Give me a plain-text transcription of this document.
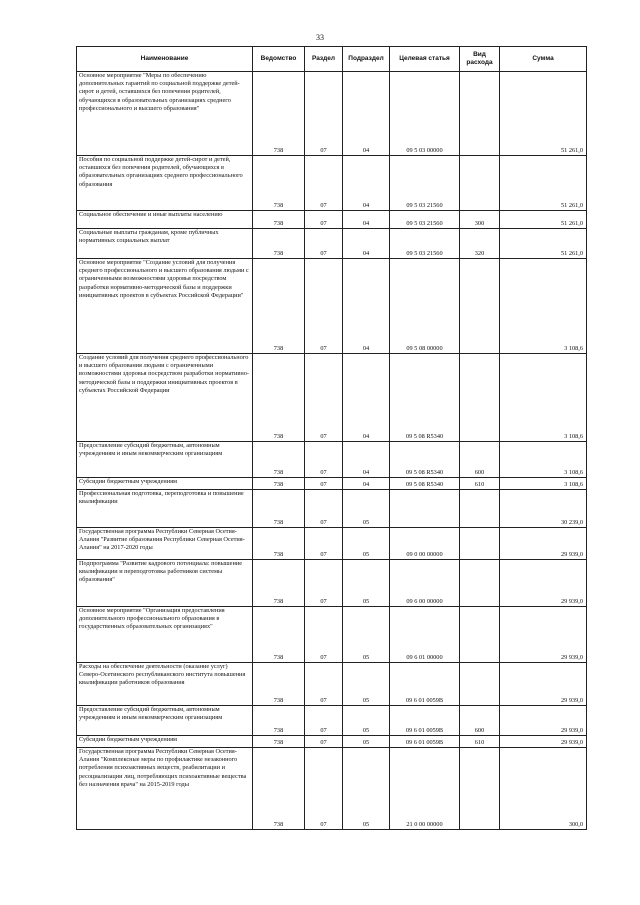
33
Наименование	Ведомство	Раздел	Подраздел	Целевая статья	Вид расхода	Сумма
Основное мероприятие "Меры по обеспечению дополнительных гарантий по социальной поддержке детей-сирот и детей, оставшихся без попечения родителей, обучающихся в образовательных организациях среднего профессионального и высшего образования"	738	07	04	09 5 03 00000		51 261,0
Пособия по социальной поддержке детей-сирот и детей, оставшихся без попечения родителей, обучающихся в образовательных организациях среднего профессионального образования	738	07	04	09 5 03 21560		51 261,0
Социальное обеспечение и иные выплаты населению	738	07	04	09 5 03 21560	300	51 261,0
Социальные выплаты гражданам, кроме публичных нормативных социальных выплат	738	07	04	09 5 03 21560	320	51 261,0
Основное мероприятие "Создание условий для получения среднего профессионального и высшего образования людьми с ограниченными возможностями здоровья посредством разработки нормативно-методической базы и поддержки инициативных проектов в субъектах Российской Федерации"	738	07	04	09 5 08 00000		3 108,6
Создание условий для получения среднего профессионального и высшего образования людьми с ограниченными возможностями здоровья посредством разработки нормативно-методической базы и поддержки инициативных проектов в субъектах Российской Федерации	738	07	04	09 5 08 R5340		3 108,6
Предоставление субсидий бюджетным, автономным учреждениям и иным некоммерческим организациям	738	07	04	09 5 08 R5340	600	3 108,6
Субсидии бюджетным учреждениям	738	07	04	09 5 08 R5340	610	3 108,6
Профессиональная подготовка, переподготовка и повышение квалификации	738	07	05			30 239,0
Государственная программа Республики Северная Осетия-Алания "Развитие образования Республики Северная Осетия-Алания" на 2017-2020 годы	738	07	05	09 0 00 00000		29 939,0
Подпрограмма "Развитие кадрового потенциала: повышение квалификации и переподготовка работников системы образования"	738	07	05	09 6 00 00000		29 939,0
Основное мероприятие "Организация предоставления дополнительного профессионального образования в государственных образовательных организациях"	738	07	05	09 6 01 00000		29 939,0
Расходы на обеспечение деятельности (оказание услуг) Северо-Осетинского республиканского института повышения квалификации работников образования	738	07	05	09 6 01 0059В		29 939,0
Предоставление субсидий бюджетным, автономным учреждениям и иным некоммерческим организациям	738	07	05	09 6 01 0059В	600	29 939,0
Субсидии бюджетным учреждениям	738	07	05	09 6 01 0059В	610	29 939,0
Государственная программа Республики Северная Осетия-Алания "Комплексные меры по профилактике незаконного потребления психоактивных веществ, реабилитации и ресоциализации лиц, потребляющих психоактивные вещества без назначения врача" на 2015-2019 годы	738	07	05	21 0 00 00000		300,0
